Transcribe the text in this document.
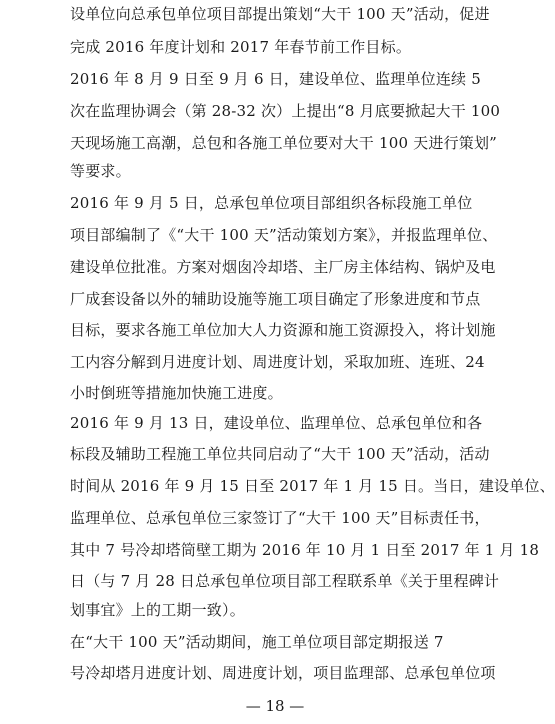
设单位向总承包单位项目部提出策划“大干 100 天”活动，促进
完成 2016 年度计划和 2017 年春节前工作目标。
2016 年 8 月 9 日至 9 月 6 日，建设单位、监理单位连续 5
次在监理协调会（第 28-32 次）上提出“8 月底要掀起大干 100
天现场施工高潮，总包和各施工单位要对大干 100 天进行策划”
等要求。
2016 年 9 月 5 日，总承包单位项目部组织各标段施工单位
项目部编制了《“大干 100 天”活动策划方案》，并报监理单位、
建设单位批准。方案对烟囱冷却塔、主厂房主体结构、锅炉及电
厂成套设备以外的辅助设施等施工项目确定了形象进度和节点
目标，要求各施工单位加大人力资源和施工资源投入，将计划施
工内容分解到月进度计划、周进度计划，采取加班、连班、24
小时倒班等措施加快施工进度。
2016 年 9 月 13 日，建设单位、监理单位、总承包单位和各
标段及辅助工程施工单位共同启动了“大干 100 天”活动，活动
时间从 2016 年 9 月 15 日至 2017 年 1 月 15 日。当日，建设单位、
监理单位、总承包单位三家签订了“大干 100 天”目标责任书，
其中 7 号冷却塔筒壁工期为 2016 年 10 月 1 日至 2017 年 1 月 18
日（与 7 月 28 日总承包单位项目部工程联系单《关于里程碑计
划事宜》上的工期一致）。
在“大干 100 天”活动期间，施工单位项目部定期报送 7
号冷却塔月进度计划、周进度计划，项目监理部、总承包单位项
— 18 —
